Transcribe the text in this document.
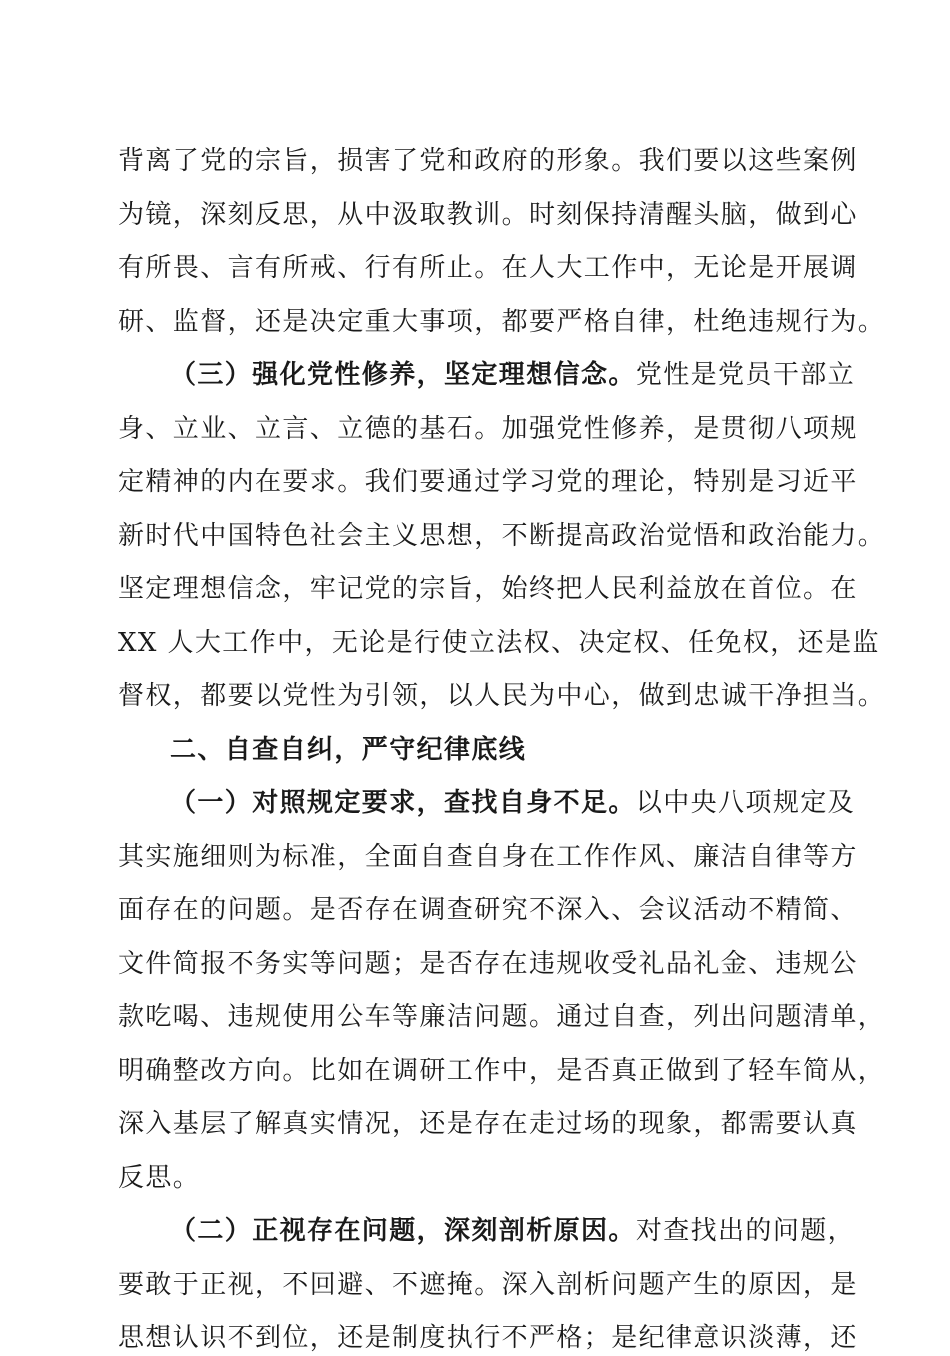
背离了党的宗旨，损害了党和政府的形象。我们要以这些案例
为镜，深刻反思，从中汲取教训。时刻保持清醒头脑，做到心
有所畏、言有所戒、行有所止。在人大工作中，无论是开展调
研、监督，还是决定重大事项，都要严格自律，杜绝违规行为。
（三）强化党性修养，坚定理想信念。党性是党员干部立
身、立业、立言、立德的基石。加强党性修养，是贯彻八项规
定精神的内在要求。我们要通过学习党的理论，特别是习近平
新时代中国特色社会主义思想，不断提高政治觉悟和政治能力。
坚定理想信念，牢记党的宗旨，始终把人民利益放在首位。在
XX 人大工作中，无论是行使立法权、决定权、任免权，还是监
督权，都要以党性为引领，以人民为中心，做到忠诚干净担当。
二、自查自纠，严守纪律底线
（一）对照规定要求，查找自身不足。以中央八项规定及
其实施细则为标准，全面自查自身在工作作风、廉洁自律等方
面存在的问题。是否存在调查研究不深入、会议活动不精简、
文件简报不务实等问题；是否存在违规收受礼品礼金、违规公
款吃喝、违规使用公车等廉洁问题。通过自查，列出问题清单，
明确整改方向。比如在调研工作中，是否真正做到了轻车简从，
深入基层了解真实情况，还是存在走过场的现象，都需要认真
反思。
（二）正视存在问题，深刻剖析原因。对查找出的问题，
要敢于正视，不回避、不遮掩。深入剖析问题产生的原因，是
思想认识不到位，还是制度执行不严格；是纪律意识淡薄，还
